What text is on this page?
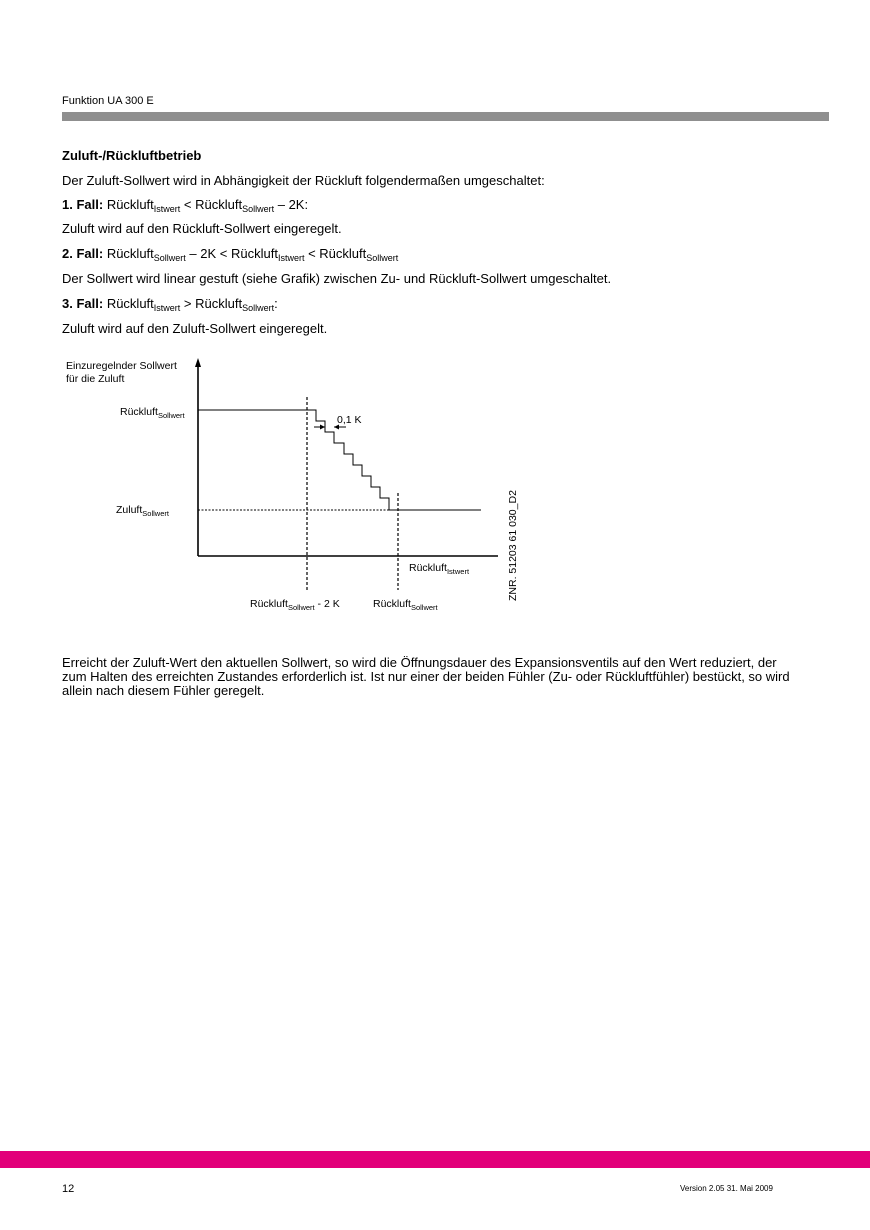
Funktion UA 300 E
Zuluft-/Rückluftbetrieb
Der Zuluft-Sollwert wird in Abhängigkeit der Rückluft folgendermaßen umgeschaltet:
1. Fall: Rückluft$_{Istwert}$ < Rückluft$_{Sollwert}$ – 2K:
Zuluft wird auf den Rückluft-Sollwert eingeregelt.
2. Fall: Rückluft$_{Sollwert}$ – 2K < Rückluft$_{Istwert}$ < Rückluft$_{Sollwert}$
Der Sollwert wird linear gestuft (siehe Grafik) zwischen Zu- und Rückluft-Sollwert umgeschaltet.
3. Fall: Rückluft$_{Istwert}$ > Rückluft$_{Sollwert}$:
Zuluft wird auf den Zuluft-Sollwert eingeregelt.
Einzuregelnder Sollwert
für die Zuluft
Rückluft$_{Sollwert}$
Zuluft$_{Sollwert}$
0,1 K
Rückluft$_{Istwert}$
Rückluft$_{Sollwert}$ - 2 K	Rückluft$_{Sollwert}$
ZNR. 51203 61 030_D2
Erreicht der Zuluft-Wert den aktuellen Sollwert, so wird die Öffnungsdauer des Expansionsventils auf den Wert reduziert, der zum Halten des erreichten Zustandes erforderlich ist. Ist nur einer der beiden Fühler (Zu- oder Rückluftfühler) bestückt, so wird allein nach diesem Fühler geregelt.
12	Version 2.05 31. Mai 2009
